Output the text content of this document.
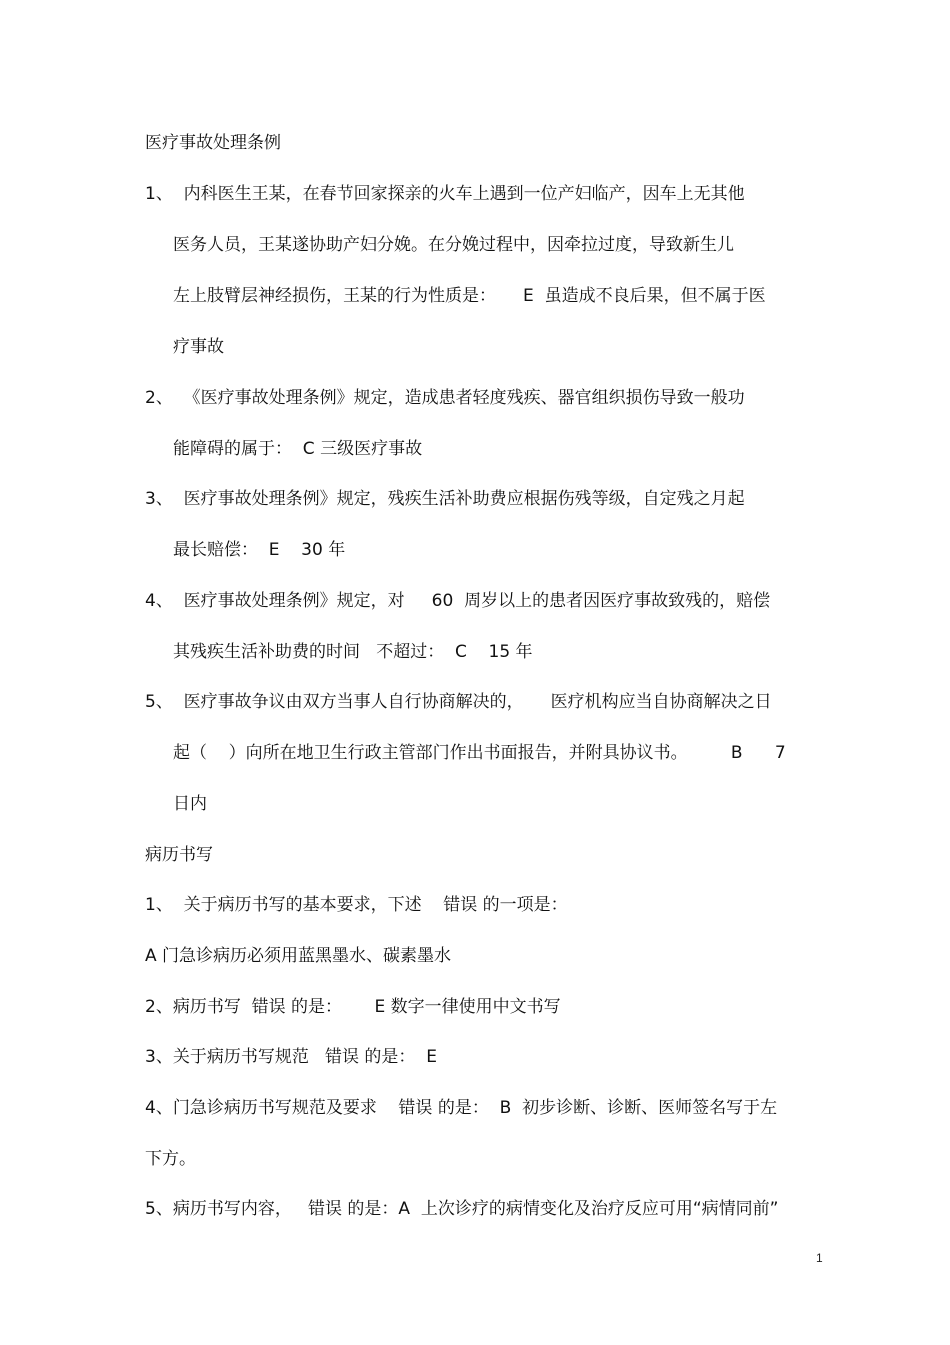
医疗事故处理条例
1、  内科医生王某，在春节回家探亲的火车上遇到一位产妇临产，因车上无其他
医务人员，王某遂协助产妇分娩。在分娩过程中，因牵拉过度，导致新生儿
左上肢臂层神经损伤，王某的行为性质是：     E  虽造成不良后果，但不属于医
疗事故
2、  《医疗事故处理条例》规定，造成患者轻度残疾、器官组织损伤导致一般功
能障碍的属于：  C 三级医疗事故
3、  医疗事故处理条例》规定，残疾生活补助费应根据伤残等级，自定残之月起
最长赔偿：  E    30 年
4、  医疗事故处理条例》规定，对     60  周岁以上的患者因医疗事故致残的，赔偿
其残疾生活补助费的时间   不超过：  C    15 年
5、  医疗事故争议由双方当事人自行协商解决的，     医疗机构应当自协商解决之日
起（    ）向所在地卫生行政主管部门作出书面报告，并附具协议书。        B      7
日内
病历书写
1、  关于病历书写的基本要求，下述    错误 的一项是：
A 门急诊病历必须用蓝黑墨水、碳素墨水
2、病历书写  错误 的是：      E 数字一律使用中文书写
3、关于病历书写规范   错误 的是：  E
4、门急诊病历书写规范及要求    错误 的是：  B  初步诊断、诊断、医师签名写于左
下方。
5、病历书写内容，   错误 的是：A  上次诊疗的病情变化及治疗反应可用“病情同前”
1
